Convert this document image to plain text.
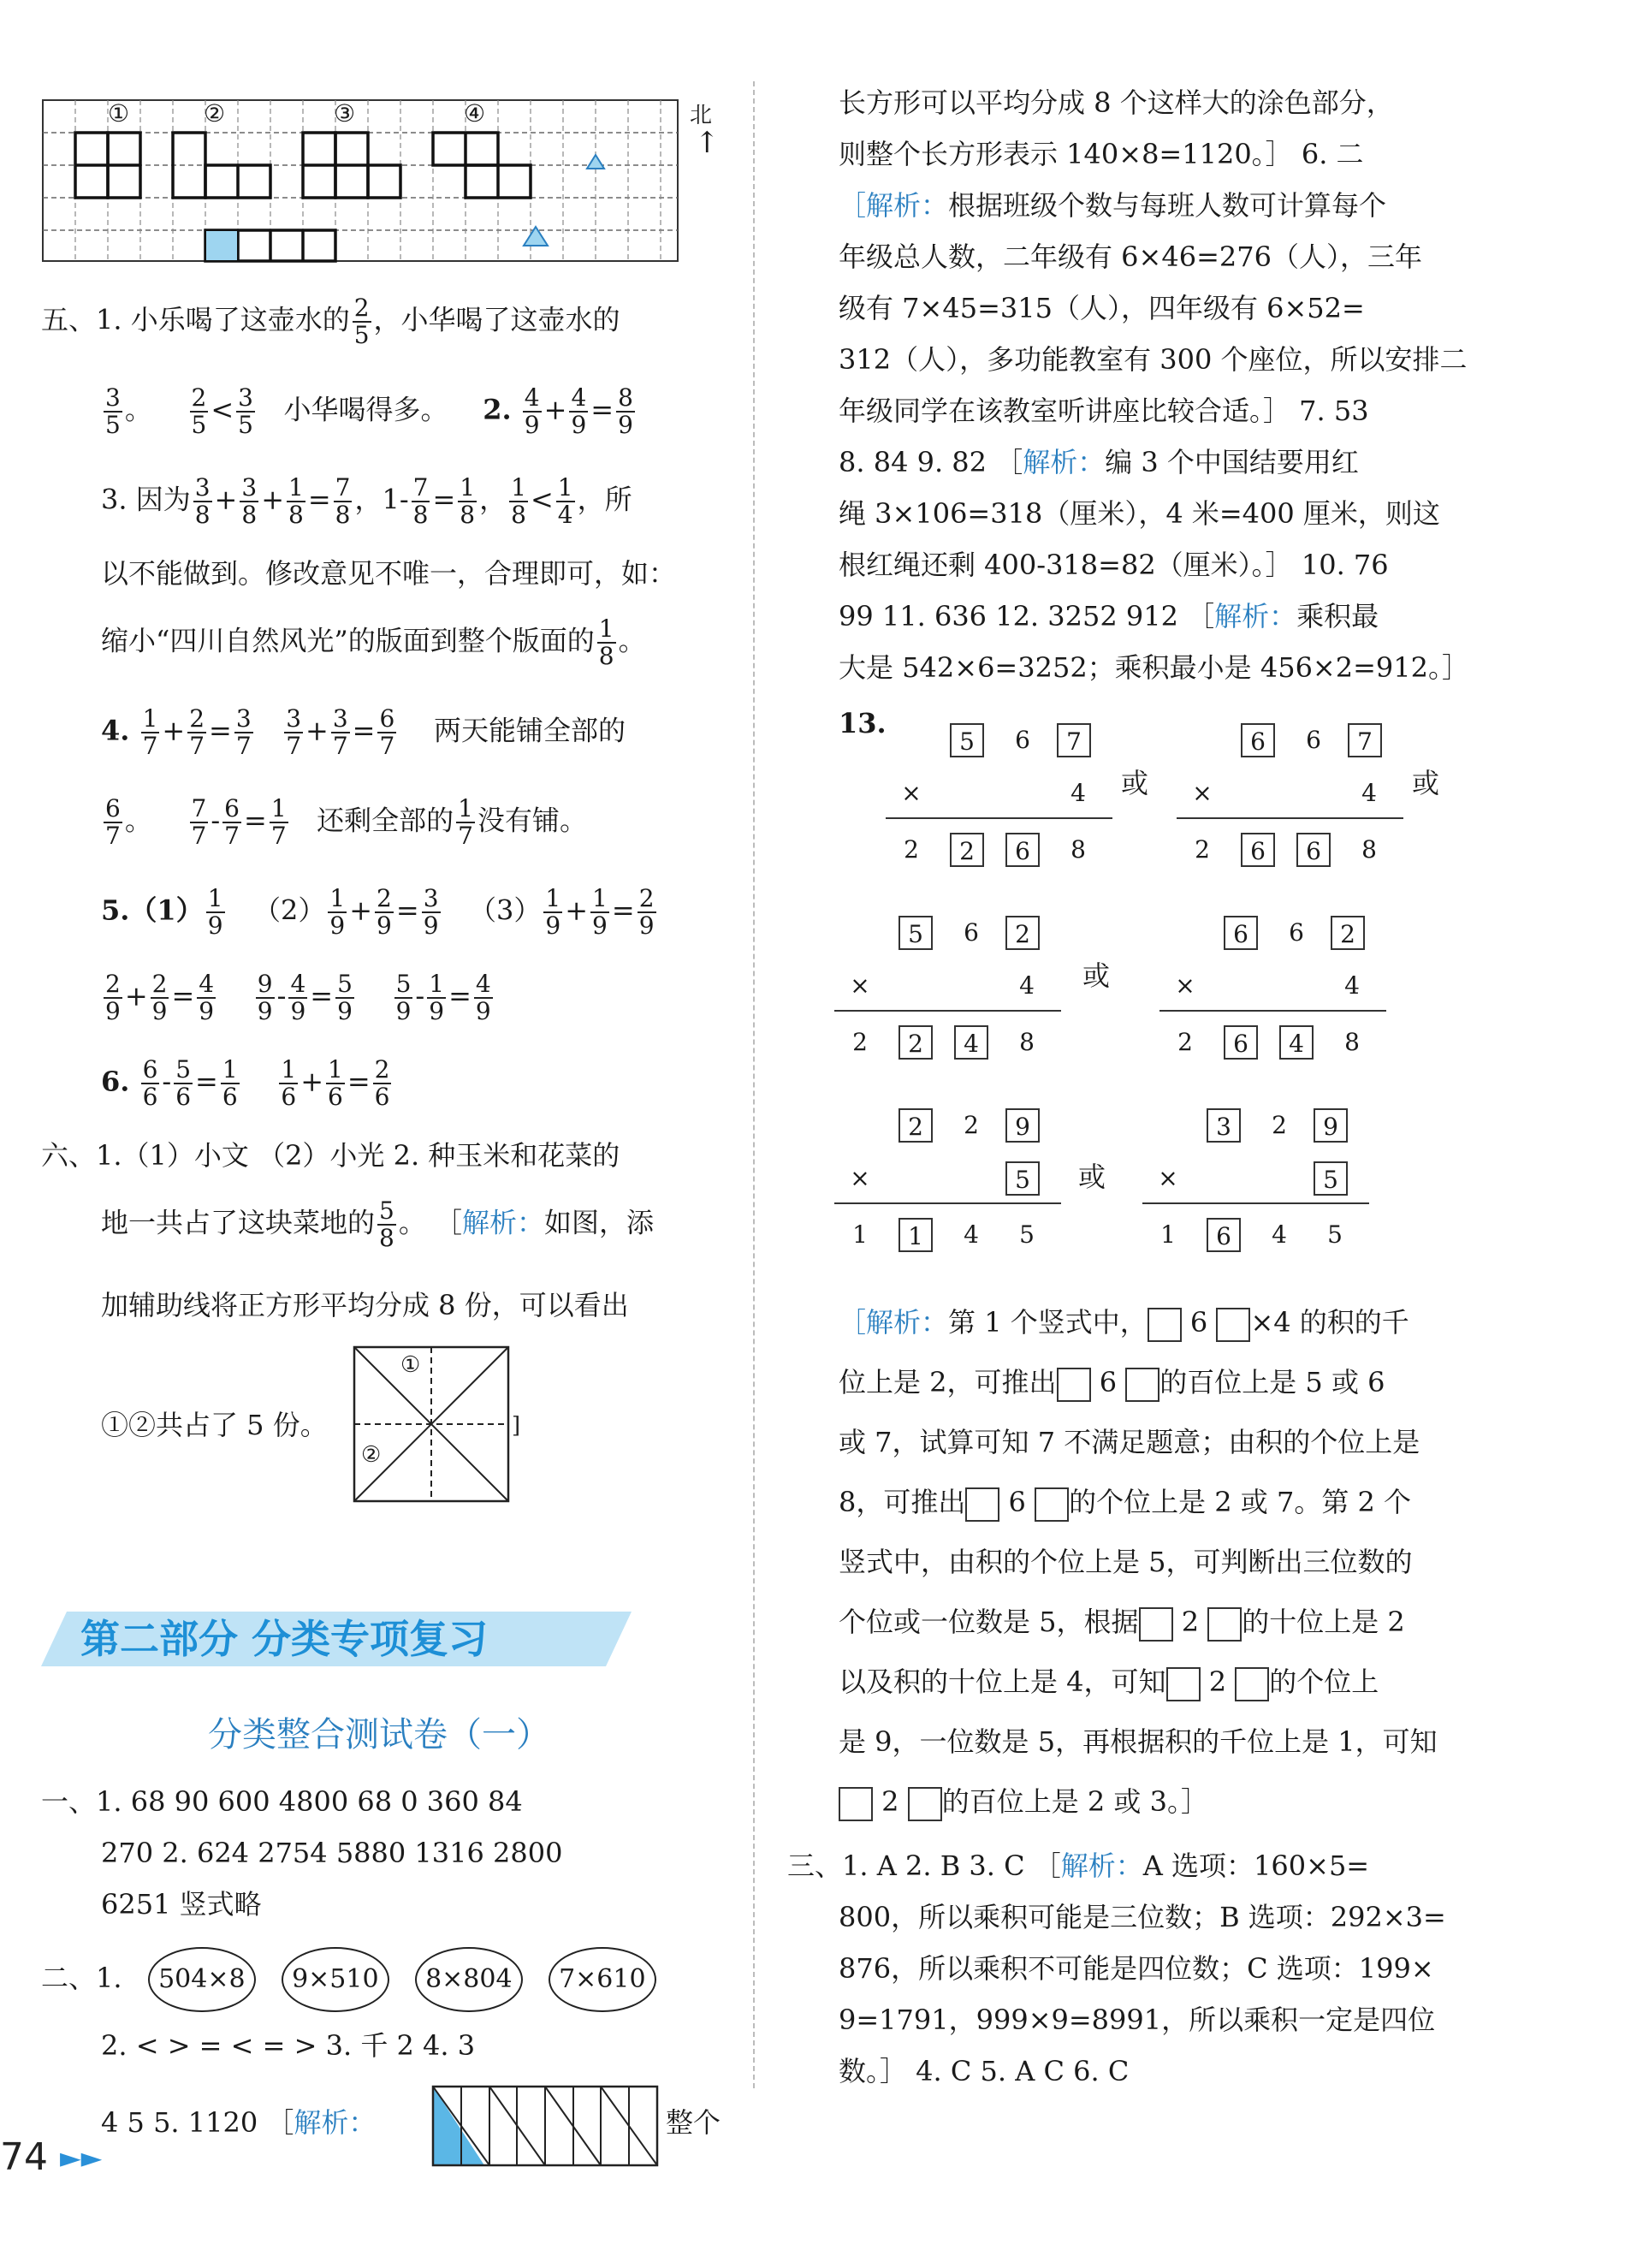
①	②	③	④	北
↑
五、1. 小乐喝了这壶水的 $\frac{2}{5}$ ，小华喝了这壶水的
$\frac{3}{5}$ 。 $\frac{2}{5} < \frac{3}{5}$ 小华喝得多。 2. $\frac{4}{9} + \frac{4}{9} = \frac{8}{9}$
3. 因为 $\frac{3}{8} + \frac{3}{8} + \frac{1}{8} = \frac{7}{8}$ ，$1- \frac{7}{8} = \frac{1}{8}$ ， $\frac{1}{8} < \frac{1}{4}$ ，所
以不能做到。修改意见不唯一，合理即可，如：
缩小“四川自然风光”的版面到整个版面的 $\frac{1}{8}$ 。
4. $\frac{1}{7} + \frac{2}{7} = \frac{3}{7}$
$\frac{3}{7} + \frac{3}{7} = \frac{6}{7}$ 两天能铺全部的
$\frac{6}{7}$ 。 $\frac{7}{7} - \frac{6}{7} = \frac{1}{7}$ 还剩全部的 $\frac{1}{7}$ 没有铺。
$5.(1) \frac{1}{9} (2) \frac{1}{9} + \frac{2}{9} = \frac{3}{9} (3) \frac{1}{9} + \frac{1}{9} = \frac{2}{9}$
$\frac{2}{9} + \frac{2}{9} = \frac{4}{9}$
$\frac{9}{9} - \frac{4}{9} = \frac{5}{9}$
$\frac{5}{9} - \frac{1}{9} = \frac{4}{9}$
6. $\frac{6}{6} - \frac{5}{6} = \frac{1}{6}$
$\frac{1}{6} + \frac{1}{6} = \frac{2}{6}$
六、1.（1）小文 （2）小光 2. 种玉米和花菜的
地一共占了这块菜地的 $\frac{5}{8}$ 。 ［解析：如图，添
加辅助线将正方形平均分成 8 份，可以看出
①②共占了 5 份。	]
①
②
第二部分 分类专项复习
分类整合测试卷（一）
一、1. 68 90 600 4800 68 0 360 84
270 2. 624 2754 5880 1316 2800
6251 竖式略
二、1. 504×8 9×510 8×804 7×610
2. < > = < = > 3. 千 2 4. 3
4 5 5. 1120 ［解析：	整个
长方形可以平均分成 8 个这样大的涂色部分，
则整个长方形表示 140×8=1120。］ 6. 二
［解析：根据班级个数与每班人数可计算每个
年级总人数，二年级有 6×46=276（人），三年
级有 7×45=315（人），四年级有 6×52=
312（人），多功能教室有 300 个座位，所以安排二
年级同学在该教室听讲座比较合适。］ 7. 53
8. 84 9. 82 ［解析：编 3 个中国结要用红
绳 3×106=318（厘米），4 米=400 厘米，则这
根红绳还剩 400-318=82（厘米）。］ 10. 76
99 11. 636 12. 3252 912 ［解析：乘积最
大是 542×6=3252；乘积最小是 456×2=912。］
13.
5	6	7
×	4
2	2	6	8
或
6	6	7
×	4
2	6	6	8
或
5	6	2
×	4
2	2	4	8
或
6	6	2
×	4
2	6	4	8
2	2	9
×	5
1	1	4	5
或
3	2	9
×	5
1	6	4	5
［解析：第 1 个竖式中， 6 ×4 的积的千
位上是 2，可推出 6 的百位上是 5 或 6
或 7，试算可知 7 不满足题意；由积的个位上是
8，可推出 6 的个位上是 2 或 7。第 2 个
竖式中，由积的个位上是 5，可判断出三位数的
个位或一位数是 5，根据 2 的十位上是 2
以及积的十位上是 4，可知 2 的个位上
是 9，一位数是 5，再根据积的千位上是 1，可知
2 的百位上是 2 或 3。］
三、1. A 2. B 3. C ［解析：A 选项：160×5=
800，所以乘积可能是三位数；B 选项：292×3=
876，所以乘积不可能是四位数；C 选项：199×
9=1791，999×9=8991，所以乘积一定是四位
数。］ 4. C 5. A C 6. C
74 ►►
